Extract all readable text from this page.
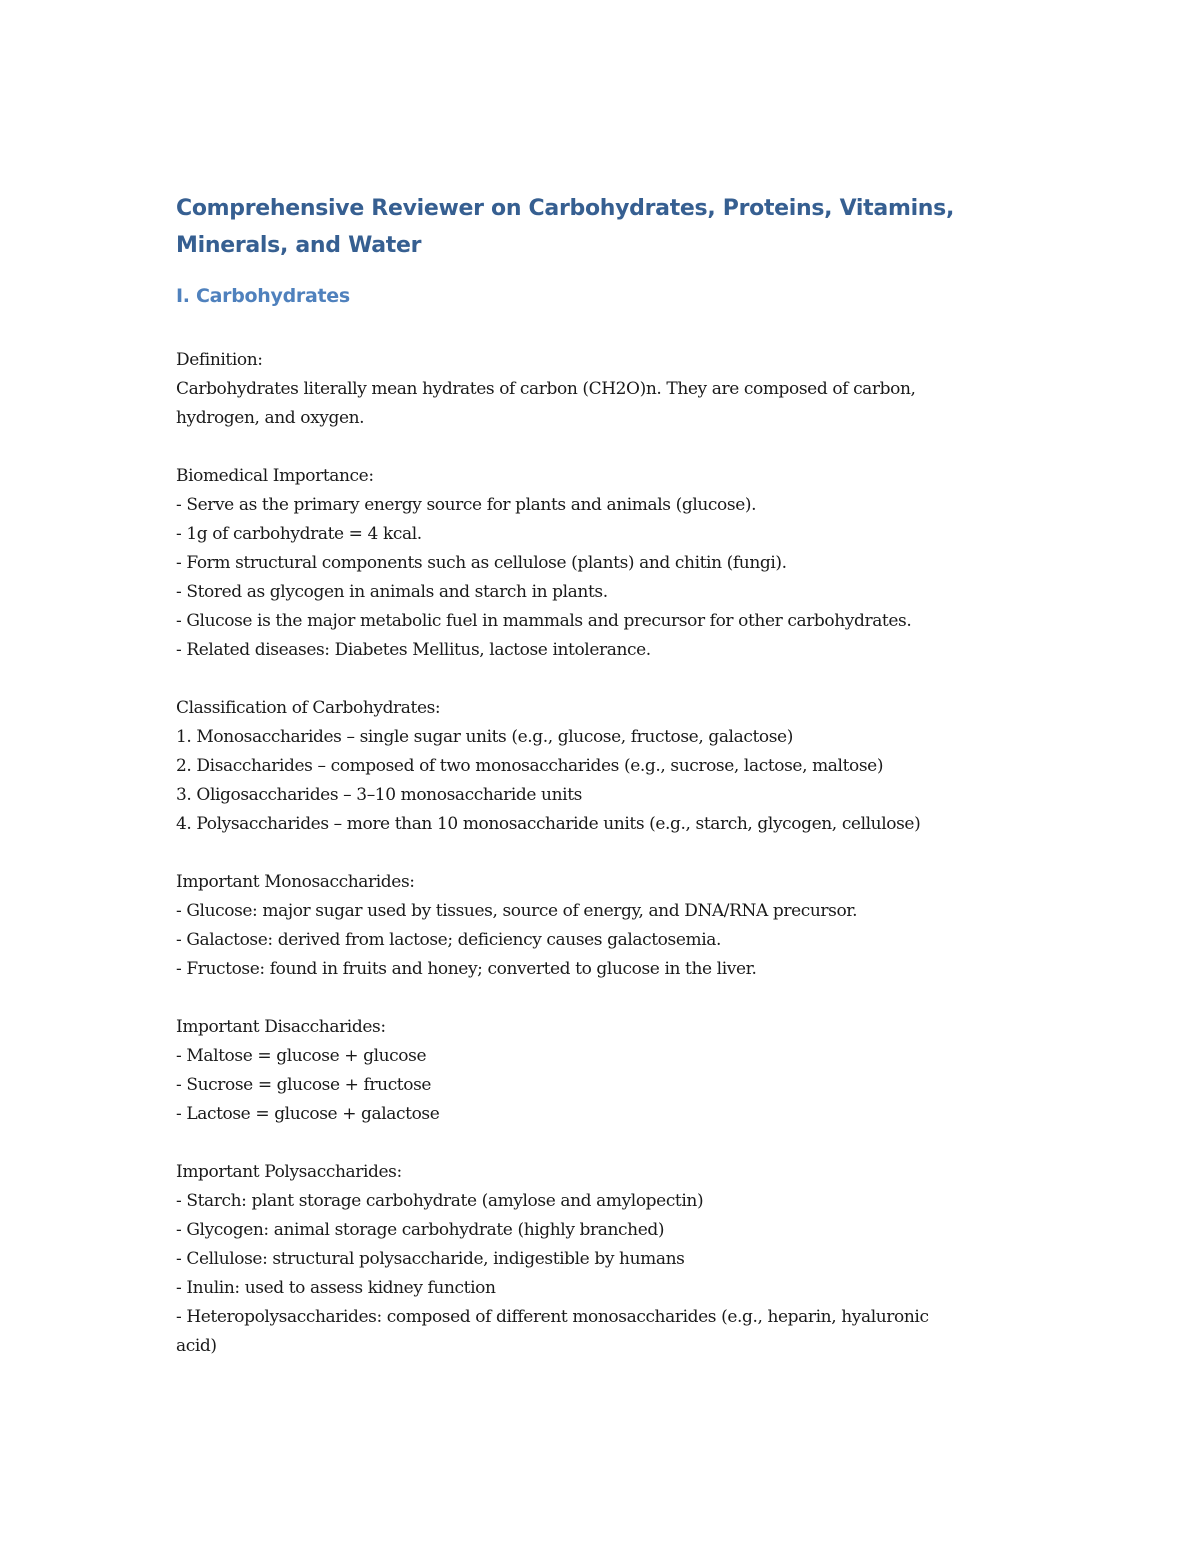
Comprehensive Reviewer on Carbohydrates, Proteins, Vitamins, Minerals, and Water
I. Carbohydrates
Definition:
Carbohydrates literally mean hydrates of carbon (CH2O)n. They are composed of carbon,
hydrogen, and oxygen.
Biomedical Importance:
- Serve as the primary energy source for plants and animals (glucose).
- 1g of carbohydrate = 4 kcal.
- Form structural components such as cellulose (plants) and chitin (fungi).
- Stored as glycogen in animals and starch in plants.
- Glucose is the major metabolic fuel in mammals and precursor for other carbohydrates.
- Related diseases: Diabetes Mellitus, lactose intolerance.
Classification of Carbohydrates:
1. Monosaccharides – single sugar units (e.g., glucose, fructose, galactose)
2. Disaccharides – composed of two monosaccharides (e.g., sucrose, lactose, maltose)
3. Oligosaccharides – 3–10 monosaccharide units
4. Polysaccharides – more than 10 monosaccharide units (e.g., starch, glycogen, cellulose)
Important Monosaccharides:
- Glucose: major sugar used by tissues, source of energy, and DNA/RNA precursor.
- Galactose: derived from lactose; deficiency causes galactosemia.
- Fructose: found in fruits and honey; converted to glucose in the liver.
Important Disaccharides:
- Maltose = glucose + glucose
- Sucrose = glucose + fructose
- Lactose = glucose + galactose
Important Polysaccharides:
- Starch: plant storage carbohydrate (amylose and amylopectin)
- Glycogen: animal storage carbohydrate (highly branched)
- Cellulose: structural polysaccharide, indigestible by humans
- Inulin: used to assess kidney function
- Heteropolysaccharides: composed of different monosaccharides (e.g., heparin, hyaluronic
acid)
